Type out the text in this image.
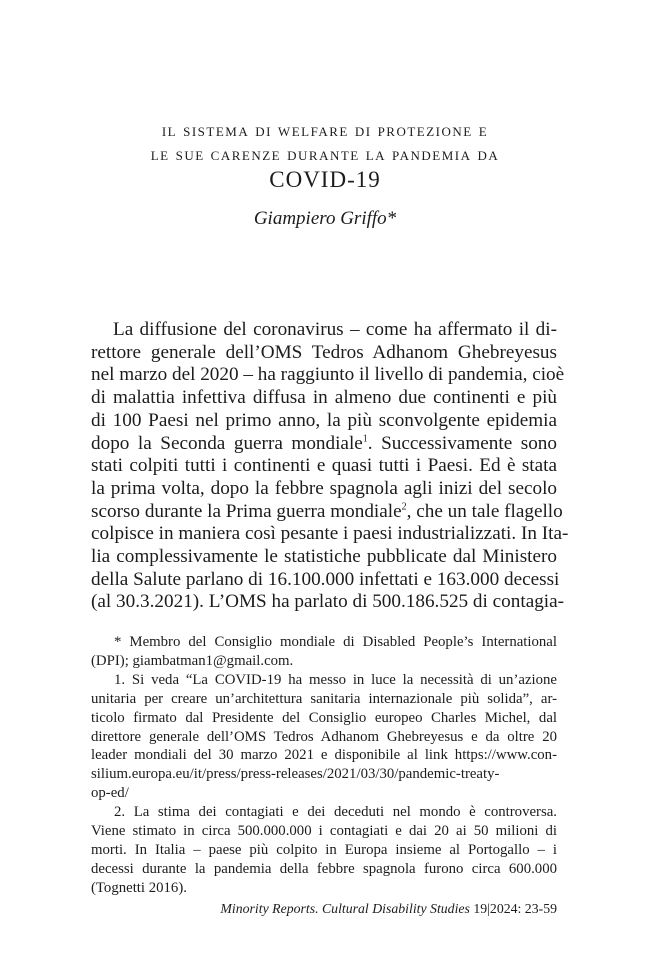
il sistema di welfare di protezione e
le sue carenze durante la pandemia da
COVID-19
Giampiero Griffo*
La diffusione del coronavirus – come ha affermato il di-
rettore generale dell’OMS Tedros Adhanom Ghebreyesus
nel marzo del 2020 – ha raggiunto il livello di pandemia, cioè
di malattia infettiva diffusa in almeno due continenti e più
di 100 Paesi nel primo anno, la più sconvolgente epidemia
dopo la Seconda guerra mondiale$^1$. Successivamente sono
stati colpiti tutti i continenti e quasi tutti i Paesi. Ed è stata
la prima volta, dopo la febbre spagnola agli inizi del secolo
scorso durante la Prima guerra mondiale$^2$, che un tale flagello
colpisce in maniera così pesante i paesi industrializzati. In Ita-
lia complessivamente le statistiche pubblicate dal Ministero
della Salute parlano di 16.100.000 infettati e 163.000 decessi
(al 30.3.2021). L’OMS ha parlato di 500.186.525 di contagia-
* Membro del Consiglio mondiale di Disabled People’s International
(DPI); giambatman1@gmail.com.
1. Si veda “La COVID-19 ha messo in luce la necessità di un’azione
unitaria per creare un’architettura sanitaria internazionale più solida”, ar-
ticolo firmato dal Presidente del Consiglio europeo Charles Michel, dal
direttore generale dell’OMS Tedros Adhanom Ghebreyesus e da oltre 20
leader mondiali del 30 marzo 2021 e disponibile al link https://www.con-
silium.europa.eu/it/press/press-releases/2021/03/30/pandemic-treaty-
op-ed/
2. La stima dei contagiati e dei deceduti nel mondo è controversa.
Viene stimato in circa 500.000.000 i contagiati e dai 20 ai 50 milioni di
morti. In Italia – paese più colpito in Europa insieme al Portogallo – i
decessi durante la pandemia della febbre spagnola furono circa 600.000
(Tognetti 2016).
Minority Reports. Cultural Disability Studies 19|2024: 23-59
